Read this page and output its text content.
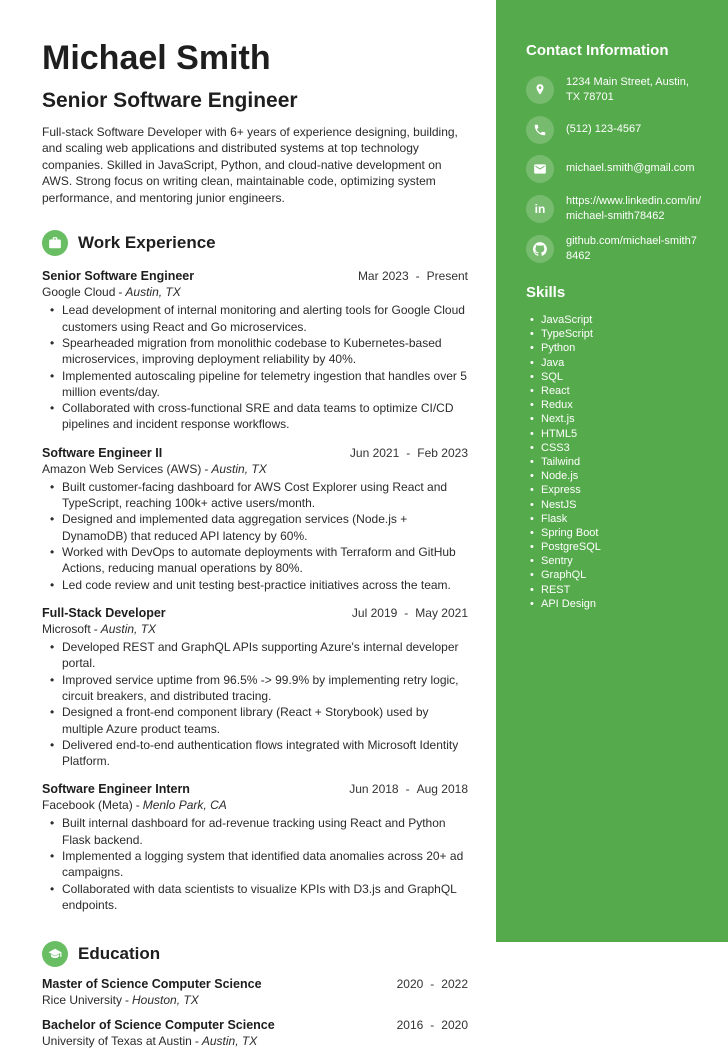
Michael Smith
Senior Software Engineer
Full-stack Software Developer with 6+ years of experience designing, building, and scaling web applications and distributed systems at top technology companies. Skilled in JavaScript, Python, and cloud-native development on AWS. Strong focus on writing clean, maintainable code, optimizing system performance, and mentoring junior engineers.
Work Experience
Senior Software Engineer	Mar 2023 - Present
Google Cloud - Austin, TX
• Lead development of internal monitoring and alerting tools for Google Cloud customers using React and Go microservices.
• Spearheaded migration from monolithic codebase to Kubernetes-based microservices, improving deployment reliability by 40%.
• Implemented autoscaling pipeline for telemetry ingestion that handles over 5 million events/day.
• Collaborated with cross-functional SRE and data teams to optimize CI/CD pipelines and incident response workflows.
Software Engineer II	Jun 2021 - Feb 2023
Amazon Web Services (AWS) - Austin, TX
• Built customer-facing dashboard for AWS Cost Explorer using React and TypeScript, reaching 100k+ active users/month.
• Designed and implemented data aggregation services (Node.js + DynamoDB) that reduced API latency by 60%.
• Worked with DevOps to automate deployments with Terraform and GitHub Actions, reducing manual operations by 80%.
• Led code review and unit testing best-practice initiatives across the team.
Full-Stack Developer	Jul 2019 - May 2021
Microsoft - Austin, TX
• Developed REST and GraphQL APIs supporting Azure's internal developer portal.
• Improved service uptime from 96.5% -> 99.9% by implementing retry logic, circuit breakers, and distributed tracing.
• Designed a front-end component library (React + Storybook) used by multiple Azure product teams.
• Delivered end-to-end authentication flows integrated with Microsoft Identity Platform.
Software Engineer Intern	Jun 2018 - Aug 2018
Facebook (Meta) - Menlo Park, CA
• Built internal dashboard for ad-revenue tracking using React and Python Flask backend.
• Implemented a logging system that identified data anomalies across 20+ ad campaigns.
• Collaborated with data scientists to visualize KPIs with D3.js and GraphQL endpoints.
Education
Master of Science Computer Science	2020 - 2022
Rice University - Houston, TX
Bachelor of Science Computer Science	2016 - 2020
University of Texas at Austin - Austin, TX
Contact Information
1234 Main Street, Austin, TX 78701
(512) 123-4567
michael.smith@gmail.com
in
https://www.linkedin.com/in/michael-smith78462
github.com/michael-smith78462
Skills
• JavaScript
• TypeScript
• Python
• Java
• SQL
• React
• Redux
• Next.js
• HTML5
• CSS3
• Tailwind
• Node.js
• Express
• NestJS
• Flask
• Spring Boot
• PostgreSQL
• Sentry
• GraphQL
• REST
• API Design
